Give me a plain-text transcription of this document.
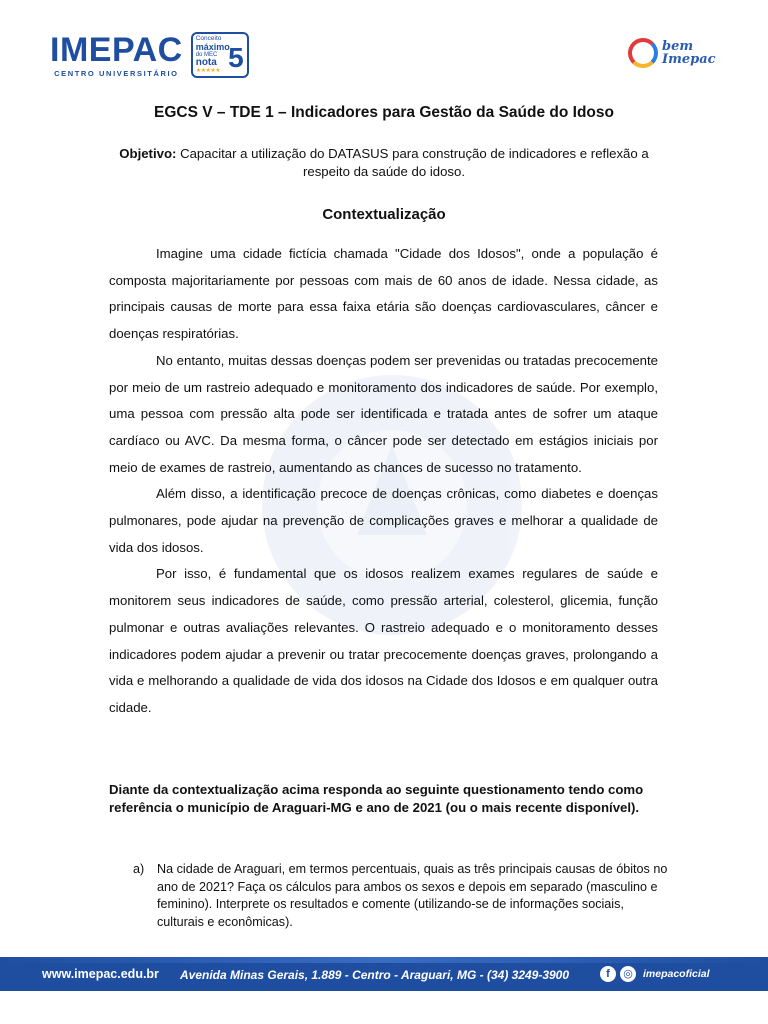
IMEPAC
CENTRO UNIVERSITÁRIO
Conceito
máximo
do MEC
nota
★★★★★ 5	bem Imepac
EGCS V – TDE 1 – Indicadores para Gestão da Saúde do Idoso
Objetivo: Capacitar a utilização do DATASUS para construção de indicadores e reflexão a respeito da saúde do idoso.
Contextualização

Imagine uma cidade fictícia chamada "Cidade dos Idosos", onde a população é composta majoritariamente por pessoas com mais de 60 anos de idade. Nessa cidade, as principais causas de morte para essa faixa etária são doenças cardiovasculares, câncer e doenças respiratórias.

No entanto, muitas dessas doenças podem ser prevenidas ou tratadas precocemente por meio de um rastreio adequado e monitoramento dos indicadores de saúde. Por exemplo, uma pessoa com pressão alta pode ser identificada e tratada antes de sofrer um ataque cardíaco ou AVC. Da mesma forma, o câncer pode ser detectado em estágios iniciais por meio de exames de rastreio, aumentando as chances de sucesso no tratamento.

Além disso, a identificação precoce de doenças crônicas, como diabetes e doenças pulmonares, pode ajudar na prevenção de complicações graves e melhorar a qualidade de vida dos idosos.

Por isso, é fundamental que os idosos realizem exames regulares de saúde e monitorem seus indicadores de saúde, como pressão arterial, colesterol, glicemia, função pulmonar e outras avaliações relevantes. O rastreio adequado e o monitoramento desses indicadores podem ajudar a prevenir ou tratar precocemente doenças graves, prolongando a vida e melhorando a qualidade de vida dos idosos na Cidade dos Idosos e em qualquer outra cidade.

Diante da contextualização acima responda ao seguinte questionamento tendo como referência o município de Araguari-MG e ano de 2021 (ou o mais recente disponível).
a) Na cidade de Araguari, em termos percentuais, quais as três principais causas de óbitos no ano de 2021? Faça os cálculos para ambos os sexos e depois em separado (masculino e feminino). Interprete os resultados e comente (utilizando-se de informações sociais, culturais e econômicas).
www.imepac.edu.br Avenida Minas Gerais, 1.889 - Centro - Araguari, MG - (34) 3249-3900	f	◎ imepacoficial
